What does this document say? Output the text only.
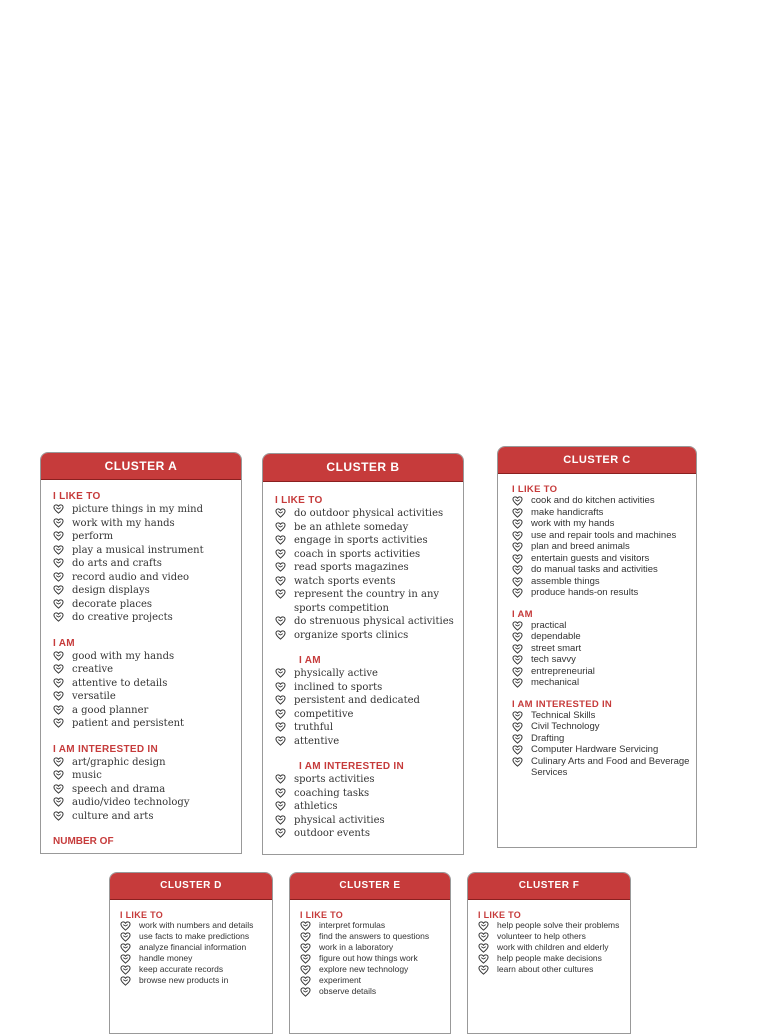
CLUSTER A
I LIKE TO
picture things in my mind
work with my hands
perform
play a musical instrument
do arts and crafts
record audio and video
design displays
decorate places
do creative projects
I AM
good with my hands
creative
attentive to details
versatile
a good planner
patient and persistent
I AM INTERESTED IN
art/graphic design
music
speech and drama
audio/video technology
culture and arts
NUMBER OF
CLUSTER B
I LIKE TO
do outdoor physical activities
be an athlete someday
engage in sports activities
coach in sports activities
read sports magazines
watch sports events
represent the country in any sports competition
do strenuous physical activities
organize sports clinics
I AM
physically active
inclined to sports
persistent and dedicated
competitive
truthful
attentive
I AM INTERESTED IN
sports activities
coaching tasks
athletics
physical activities
outdoor events
CLUSTER C
I LIKE TO
cook and do kitchen activities
make handicrafts
work with my hands
use and repair tools and machines
plan and breed animals
entertain guests and visitors
do manual tasks and activities
assemble things
produce hands-on results
I AM
practical
dependable
street smart
tech savvy
entrepreneurial
mechanical
I AM INTERESTED IN
Technical Skills
Civil Technology
Drafting
Computer Hardware Servicing
Culinary Arts and Food and Beverage Services
CLUSTER D
I LIKE TO
work with numbers and details
use facts to make predictions
analyze financial information
handle money
keep accurate records
browse new products in
CLUSTER E
I LIKE TO
interpret formulas
find the answers to questions
work in a laboratory
figure out how things work
explore new technology
experiment
observe details
CLUSTER F
I LIKE TO
help people solve their problems
volunteer to help others
work with children and elderly
help people make decisions
learn about other cultures
